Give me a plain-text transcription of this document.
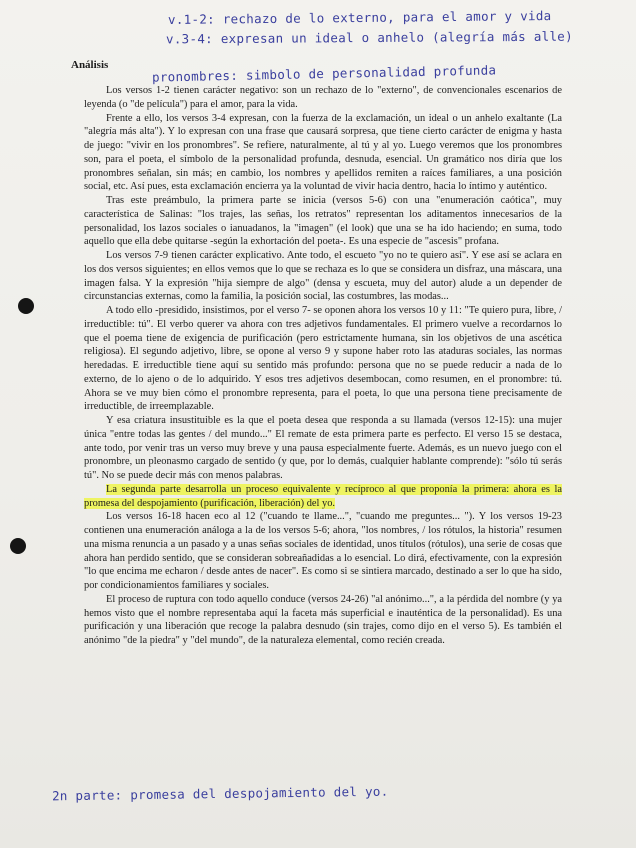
v.1-2: rechazo de lo externo, para el amor y vida
v.3-4: expresan un ideal o anhelo (alegría más alle)
Análisis	pronombres: simbolo de personalidad profunda

Los versos 1-2 tienen carácter negativo: son un rechazo de lo "externo", de convencionales escenarios de leyenda (o "de película") para el amor, para la vida.

Frente a ello, los versos 3-4 expresan, con la fuerza de la exclamación, un ideal o un anhelo exaltante (La "alegría más alta"). Y lo expresan con una frase que causará sorpresa, que tiene cierto carácter de enigma y hasta de juego: "vivir en los pronombres". Se refiere, naturalmente, al tú y al yo. Luego veremos que los pronombres son, para el poeta, el símbolo de la personalidad profunda, desnuda, esencial. Un gramático nos diría que los pronombres señalan, sin más; en cambio, los nombres y apellidos remiten a raíces familiares, a una posición social, etc. Así pues, esta exclamación encierra ya la voluntad de vivir hacia dentro, hacia lo íntimo y auténtico.

Tras este preámbulo, la primera parte se inicia (versos 5-6) con una "enumeración caótica", muy característica de Salinas: "los trajes, las señas, los retratos" representan los aditamentos innecesarios de la personalidad, los lazos sociales o ianuadanos, la "imagen" (el look) que una se ha ido haciendo; en suma, todo aquello que ella debe quitarse -según la exhortación del poeta-. Es una especie de "ascesis" profana.

Los versos 7-9 tienen carácter explicativo. Ante todo, el escueto "yo no te quiero así". Y ese así se aclara en los dos versos siguientes; en ellos vemos que lo que se rechaza es lo que se considera un disfraz, una máscara, una imagen falsa. Y la expresión "hija siempre de algo" (densa y escueta, muy del autor) alude a un depender de circunstancias externas, como la familia, la posición social, las costumbres, las modas...

A todo ello -presidido, insistimos, por el verso 7- se oponen ahora los versos 10 y 11: "Te quiero pura, libre, / irreductible: tú". El verbo querer va ahora con tres adjetivos fundamentales. El primero vuelve a recordarnos lo que el poema tiene de exigencia de purificación (pero estrictamente humana, sin los objetivos de una ascética religiosa). El segundo adjetivo, libre, se opone al verso 9 y supone haber roto las ataduras sociales, las normas heredadas. E irreductible tiene aquí su sentido más profundo: persona que no se puede reducir a nada de lo externo, de lo ajeno o de lo adquirido. Y esos tres adjetivos desembocan, como resumen, en el pronombre: tú. Ahora se ve muy bien cómo el pronombre representa, para el poeta, lo que una persona tiene precisamente de irreductible, de irreemplazable.

Y esa criatura insustituible es la que el poeta desea que responda a su llamada (versos 12-15): una mujer única "entre todas las gentes / del mundo..." El remate de esta primera parte es perfecto. El verso 15 se destaca, ante todo, por venir tras un verso muy breve y una pausa especialmente fuerte. Además, es un nuevo juego con el pronombre, un pleonasmo cargado de sentido (y que, por lo demás, cualquier hablante comprende): "sólo tú serás tú". No se puede decir más con menos palabras.

La segunda parte desarrolla un proceso equivalente y recíproco al que proponía la primera: ahora es la promesa del despojamiento (purificación, liberación) del yo.

Los versos 16-18 hacen eco al 12 ("cuando te llame...", "cuando me preguntes... "). Y los versos 19-23 contienen una enumeración análoga a la de los versos 5-6; ahora, "los nombres, / los rótulos, la historia" resumen una misma renuncia a un pasado y a unas señas sociales de identidad, unos títulos (rótulos), una serie de cosas que ahora han perdido sentido, que se consideran sobreañadidas a lo esencial. Lo dirá, efectivamente, con la expresión "lo que encima me echaron / desde antes de nacer". Es como si se sintiera marcado, destinado a ser lo que ha sido, por condicionamientos familiares y sociales.

El proceso de ruptura con todo aquello conduce (versos 24-26) "al anónimo...", a la pérdida del nombre (y ya hemos visto que el nombre representaba aquí la faceta más superficial e inauténtica de la personalidad). Es una purificación y una liberación que recoge la palabra desnudo (sin trajes, como dijo en el verso 5). Es también el anónimo "de la piedra" y "del mundo", de la naturaleza elemental, como recién creada.

2n parte: promesa del despojamiento del yo.
